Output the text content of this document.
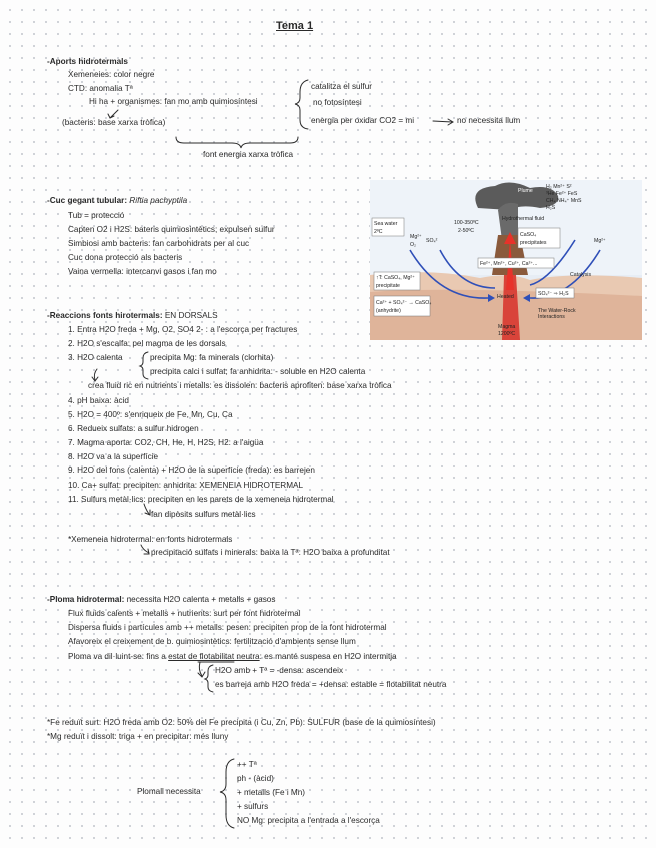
Tema 1
-Aports hidrotermals
Xemeneies: color negre
CTD: anomalia Tª
Hi ha + organismes: fan mo amb quimiosíntesi
(bacteris: base xarxa tròfica)
catalitza el sulfur
no fotosíntesi
energia per oxidar CO2 = mi	no necessita llum
font energia xarxa tròfica
-Cuc gegant tubular: Riftia pachyptila
Tub = protecció
Capten O2 i H2S: bateris quimiosintètics; expulsen sulfur
Simbiosi amb bacteris: fan carbohidrats per al cuc
Cuc dona protecció als bacteris
Vaina vermella: intercanvi gasos i fan mo
Sea water
2ºC	CaSO₄
precipitates
Fe²⁺, Mn²⁺, Cu²⁺, Ca²⁺...
↑T: CaSO₄, Mg²⁺
precipitate
Ca²⁺ + SO₄²⁻ → CaSO₄
(anhydrite)
SO₄²⁻ ⇒ H₂S
Plume
H₂ Mn²⁺ S²
³He Fe²⁺ FeS
CH₄ NH₄⁺ MnS
H₂S
100-350ºC
2-50ºC
Hydrothermal fluid
Mg²⁺
O₂
SO₄²	Mg²⁺
Catalysis
Heated
The Water-Rock
Interactions
Magma
1200ºC
-Reaccions fonts hirotermals: EN DORSALS
1. Entra H2O freda + Mg, O2, SO4 2- : a l'escorça per fractures
2. H2O s'escalfa: pel magma de les dorsals
3. H2O calenta	precipita Mg: fa minerals (clorhita)
precipita calci i sulfat; fa anhidrita: - soluble en H2O calenta
crea fluid ric en nutrients i metalls: es dissolen: bacteris aprofiten: base xarxa tròfica
4. pH baixa: àcid
5. H2O = 400º: s'enriqueix de Fe, Mn, Cu, Ca
6. Redueix sulfats: a sulfur hidrogen
7. Magma aporta: CO2, CH, He, H, H2S, H2: a l'aigüa
8. H2O va a la superfície
9. H2O del fons (calenta) + H2O de la superfície (freda): es barrejen
10. Ca+ sulfat: precipiten: anhidrita: XEMENEIA HIDROTERMAL
11. Sulfurs metàl·lics: precipiten en les parets de la xemeneia hidrotermal
fan dipòsits sulfurs metàl·lics
*Xemeneia hidrotermal: en fonts hidrotermals
precipitació sulfats i minerals: baixa la Tª: H2O baixa a profunditat
-Ploma hidrotermal: necessita H2O calenta + metalls + gasos
Flux fluids calents + metalls + nutrients: surt per font hidrotermal
Dispersa fluids i partícules amb ++ metalls: pesen: precipiten prop de la font hidrotermal
Afavoreix el creixement de b. quimiosintètics: fertilització d'ambients sense llum
Ploma va dil·luint-se: fins a estat de flotabilitat neutra: es manté suspesa en H2O intermitja
H2O amb + Tª = -densa: ascendeix
es barreja amb H2O freda = +densa: estable = flotabilitat neutra
*Fe reduït surt: H2O freda amb O2: 50% del Fe precipita (i Cu, Zn, Pb): SULFUR (base de la quimiosíntesi)
*Mg reduït i dissolt: triga + en precipitar: més lluny
Plomall necessita
++ Tª
ph - (àcid)
+ metalls (Fe i Mn)
+ sulfurs
NO Mg: precipita a l'entrada a l'escorça
